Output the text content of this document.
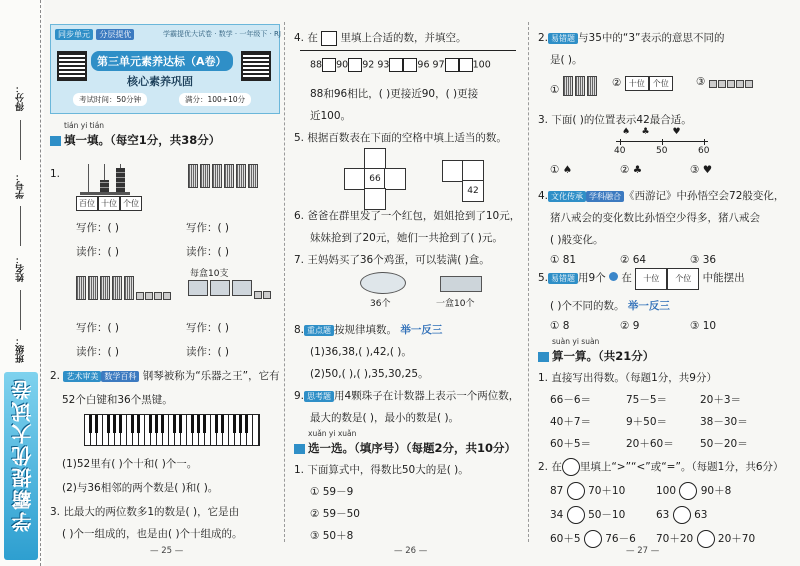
得分：
学号：
姓名：
班级：
学霸提优大试卷
同步单元 分层提优	学霸提优大试卷 · 数学 · 一年级下 · RJ
第三单元素养达标（A卷）
核心素养巩固
考试时间：50分钟	满分：100+10分
tián yi tián
填一填。（每空1分，共38分）
1.
百位 十位 个位
写作：( )
读作：( )
写作：( )
读作：( )
每盒10支
写作：( )
读作：( )
写作：( )
读作：( )
2. 艺术审美 数学百科 钢琴被称为“乐器之王”，它有
52个白键和36个黑键。
(1)52里有( )个十和( )个一。
(2)与36相邻的两个数是( )和( )。
3. 比最大的两位数多1的数是( )，它是由
( )个一组成的，也是由( )个十组成的。
— 25 —
4. 在 里填上合适的数，并填空。
88 90 92 93	96 97	100
88和96相比，( )更接近90，( )更接
近100。
5. 根据百数表在下面的空格中填上适当的数。
66
42
6. 爸爸在群里发了一个红包，姐姐抢到了10元，
妹妹抢到了20元，她们一共抢到了( )元。
7. 王妈妈买了36个鸡蛋，可以装满( )盒。
36个	一盒10个
8. 重点题 按规律填数。 举一反三
(1)36,38,( ),42,( )。
(2)50,( ),( ),35,30,25。
9. 思考题 用4颗珠子在计数器上表示一个两位数，
最大的数是( )，最小的数是( )。
xuǎn yi xuǎn
选一选。（填序号）（每题2分，共10分）
1. 下面算式中，得数比50大的是( )。
① 59－9
② 59－50
③ 50＋8
— 26 —
2. 易错题 与35中的“3”表示的意思不同的
是( )。
①
② 十位 个位	③
3. 下面( )的位置表示42最合适。
♠    ♣        ♥
40	50	60
① ♠	② ♣	③ ♥
4. 文化传承 学科融合 《西游记》中孙悟空会72般变化，
猪八戒会的变化数比孙悟空少得多，猪八戒会
( )般变化。
① 81	② 64	③ 36
5. 易错题 用9个 在 十位 个位 中能摆出
( )个不同的数。 举一反三
① 8	② 9	③ 10
suàn yi suàn
算一算。（共21分）
1. 直接写出得数。（每题1分，共9分）
66－6＝	75－5＝	20＋3＝
40＋7＝	9＋50＝	38－30＝
60＋5＝	20＋60＝	50－20＝
2. 在 里填上“>”“<”或“=”。（每题1分，共6分）
87 70＋10	100 90＋8
34 50－10	63 63
60＋5 76－6 70＋20 20＋70
— 27 —
